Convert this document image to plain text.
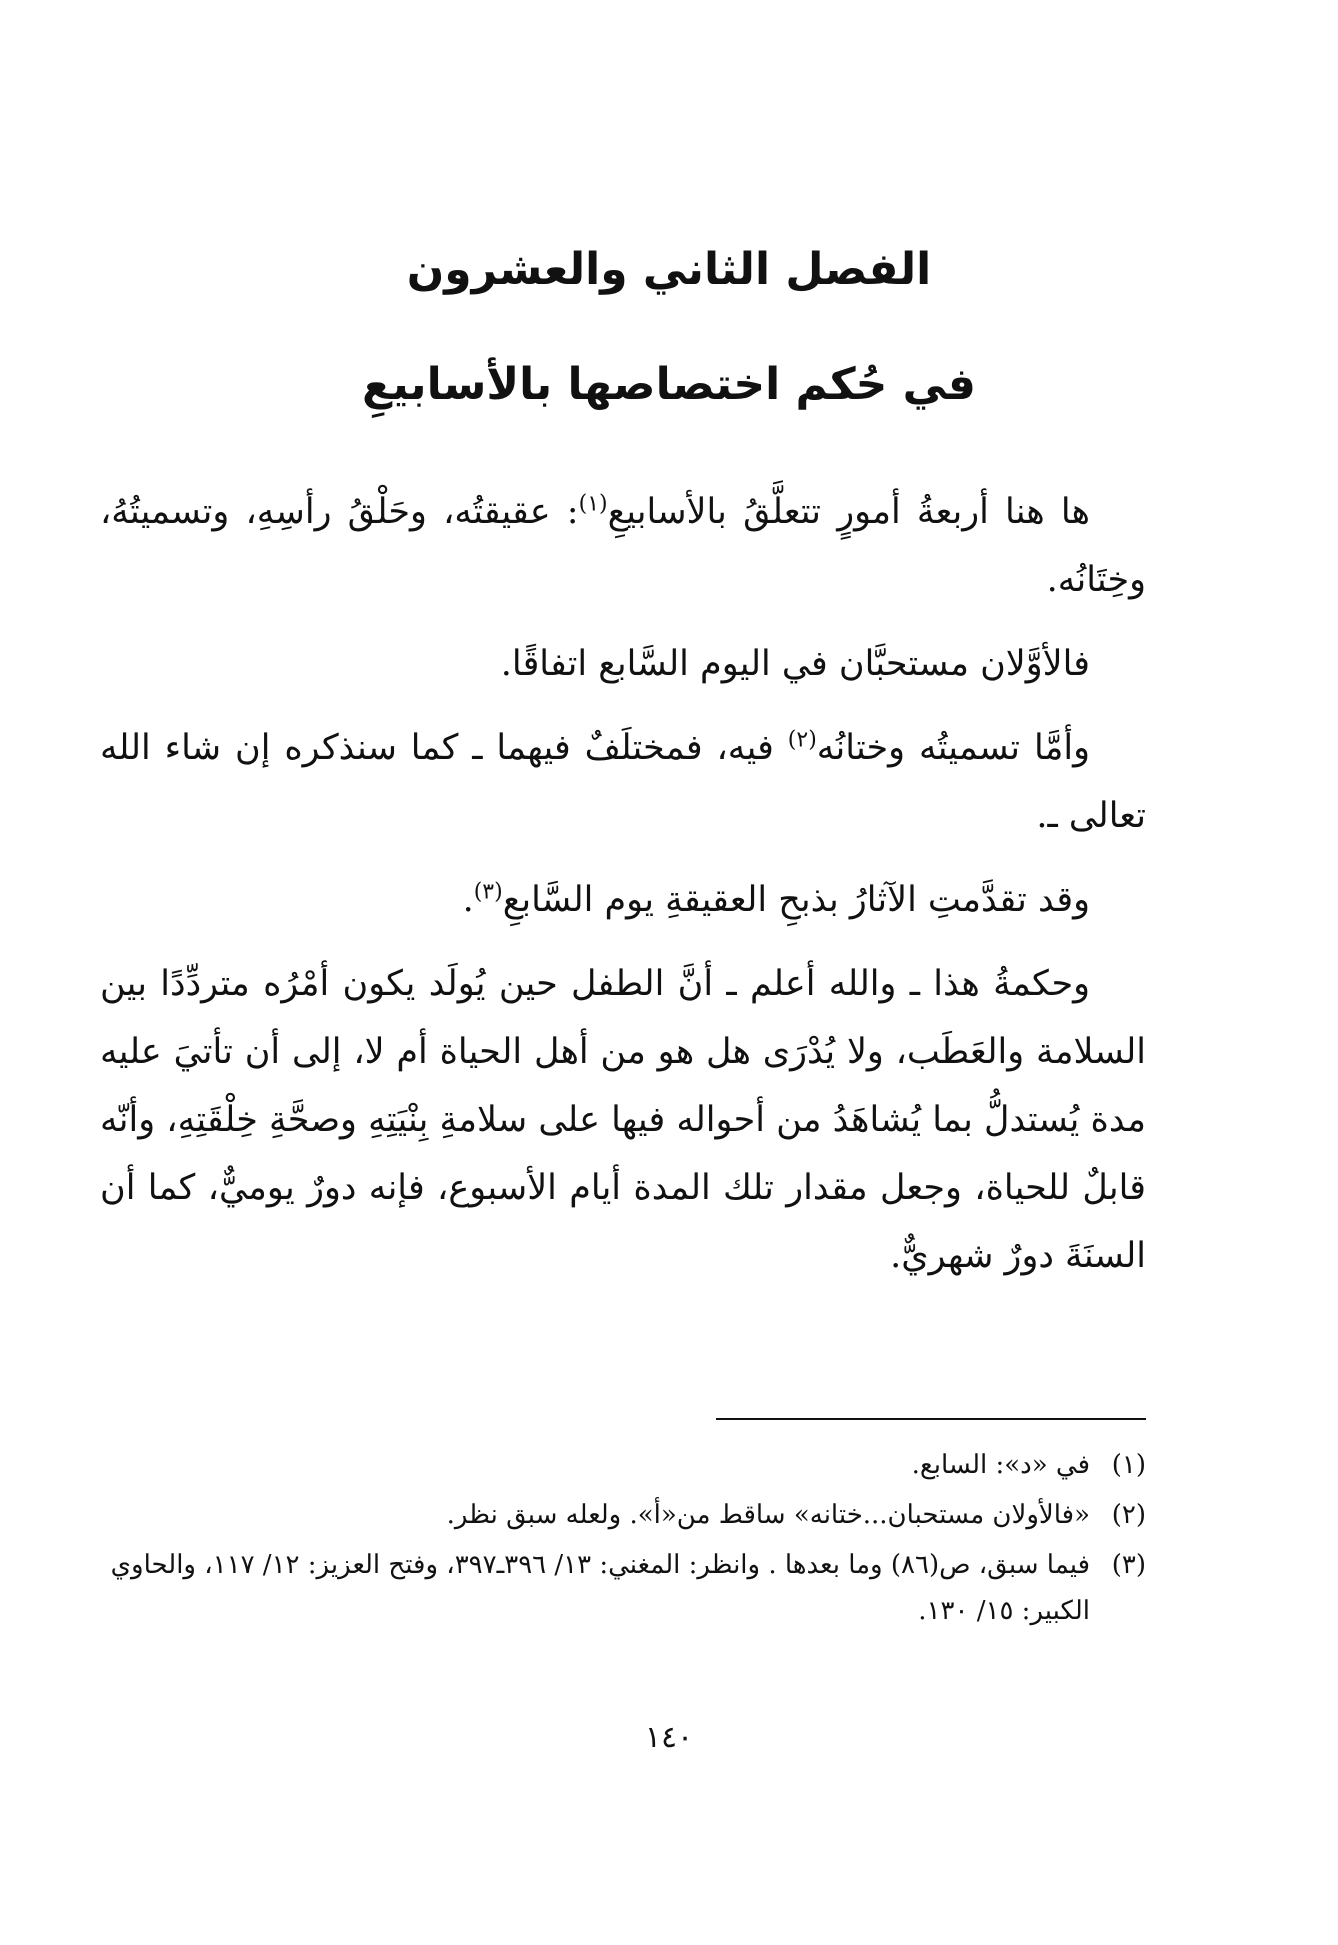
الفصل الثاني والعشرون
في حُكم اختصاصها بالأسابيعِ

ها هنا أربعةُ أمورٍ تتعلَّقُ بالأسابيعِ$^{(١)}$: عقيقتُه، وحَلْقُ رأسِهِ، وتسميتُهُ، وخِتَانُه.

فالأوَّلان مستحبَّان في اليوم السَّابع اتفاقًا.

وأمَّا تسميتُه وختانُه$^{(٢)}$ فيه، فمختلَفٌ فيهما ـ كما سنذكره إن شاء الله تعالى ـ.

وقد تقدَّمتِ الآثارُ بذبحِ العقيقةِ يوم السَّابعِ$^{(٣)}$.

وحكمةُ هذا ـ والله أعلم ـ أنَّ الطفل حين يُولَد يكون أمْرُه متردِّدًا بين السلامة والعَطَب، ولا يُدْرَى هل هو من أهل الحياة أم لا، إلى أن تأتيَ عليه مدة يُستدلُّ بما يُشاهَدُ من أحواله فيها على سلامةِ بِنْيَتِهِ وصحَّةِ خِلْقَتِهِ، وأنّه قابلٌ للحياة، وجعل مقدار تلك المدة أيام الأسبوع، فإنه دورٌ يوميٌّ، كما أن السنَةَ دورٌ شهريٌّ.

(١)
في «د»: السابع.
(٢)
«فالأولان مستحبان...ختانه» ساقط من«أ». ولعله سبق نظر.
(٣)
فيما سبق، ص(٨٦) وما بعدها . وانظر: المغني: ١٣/ ٣٩٦ـ٣٩٧، وفتح العزيز: ١٢/ ١١٧، والحاوي الكبير: ١٥/ ١٣٠.
١٤٠
